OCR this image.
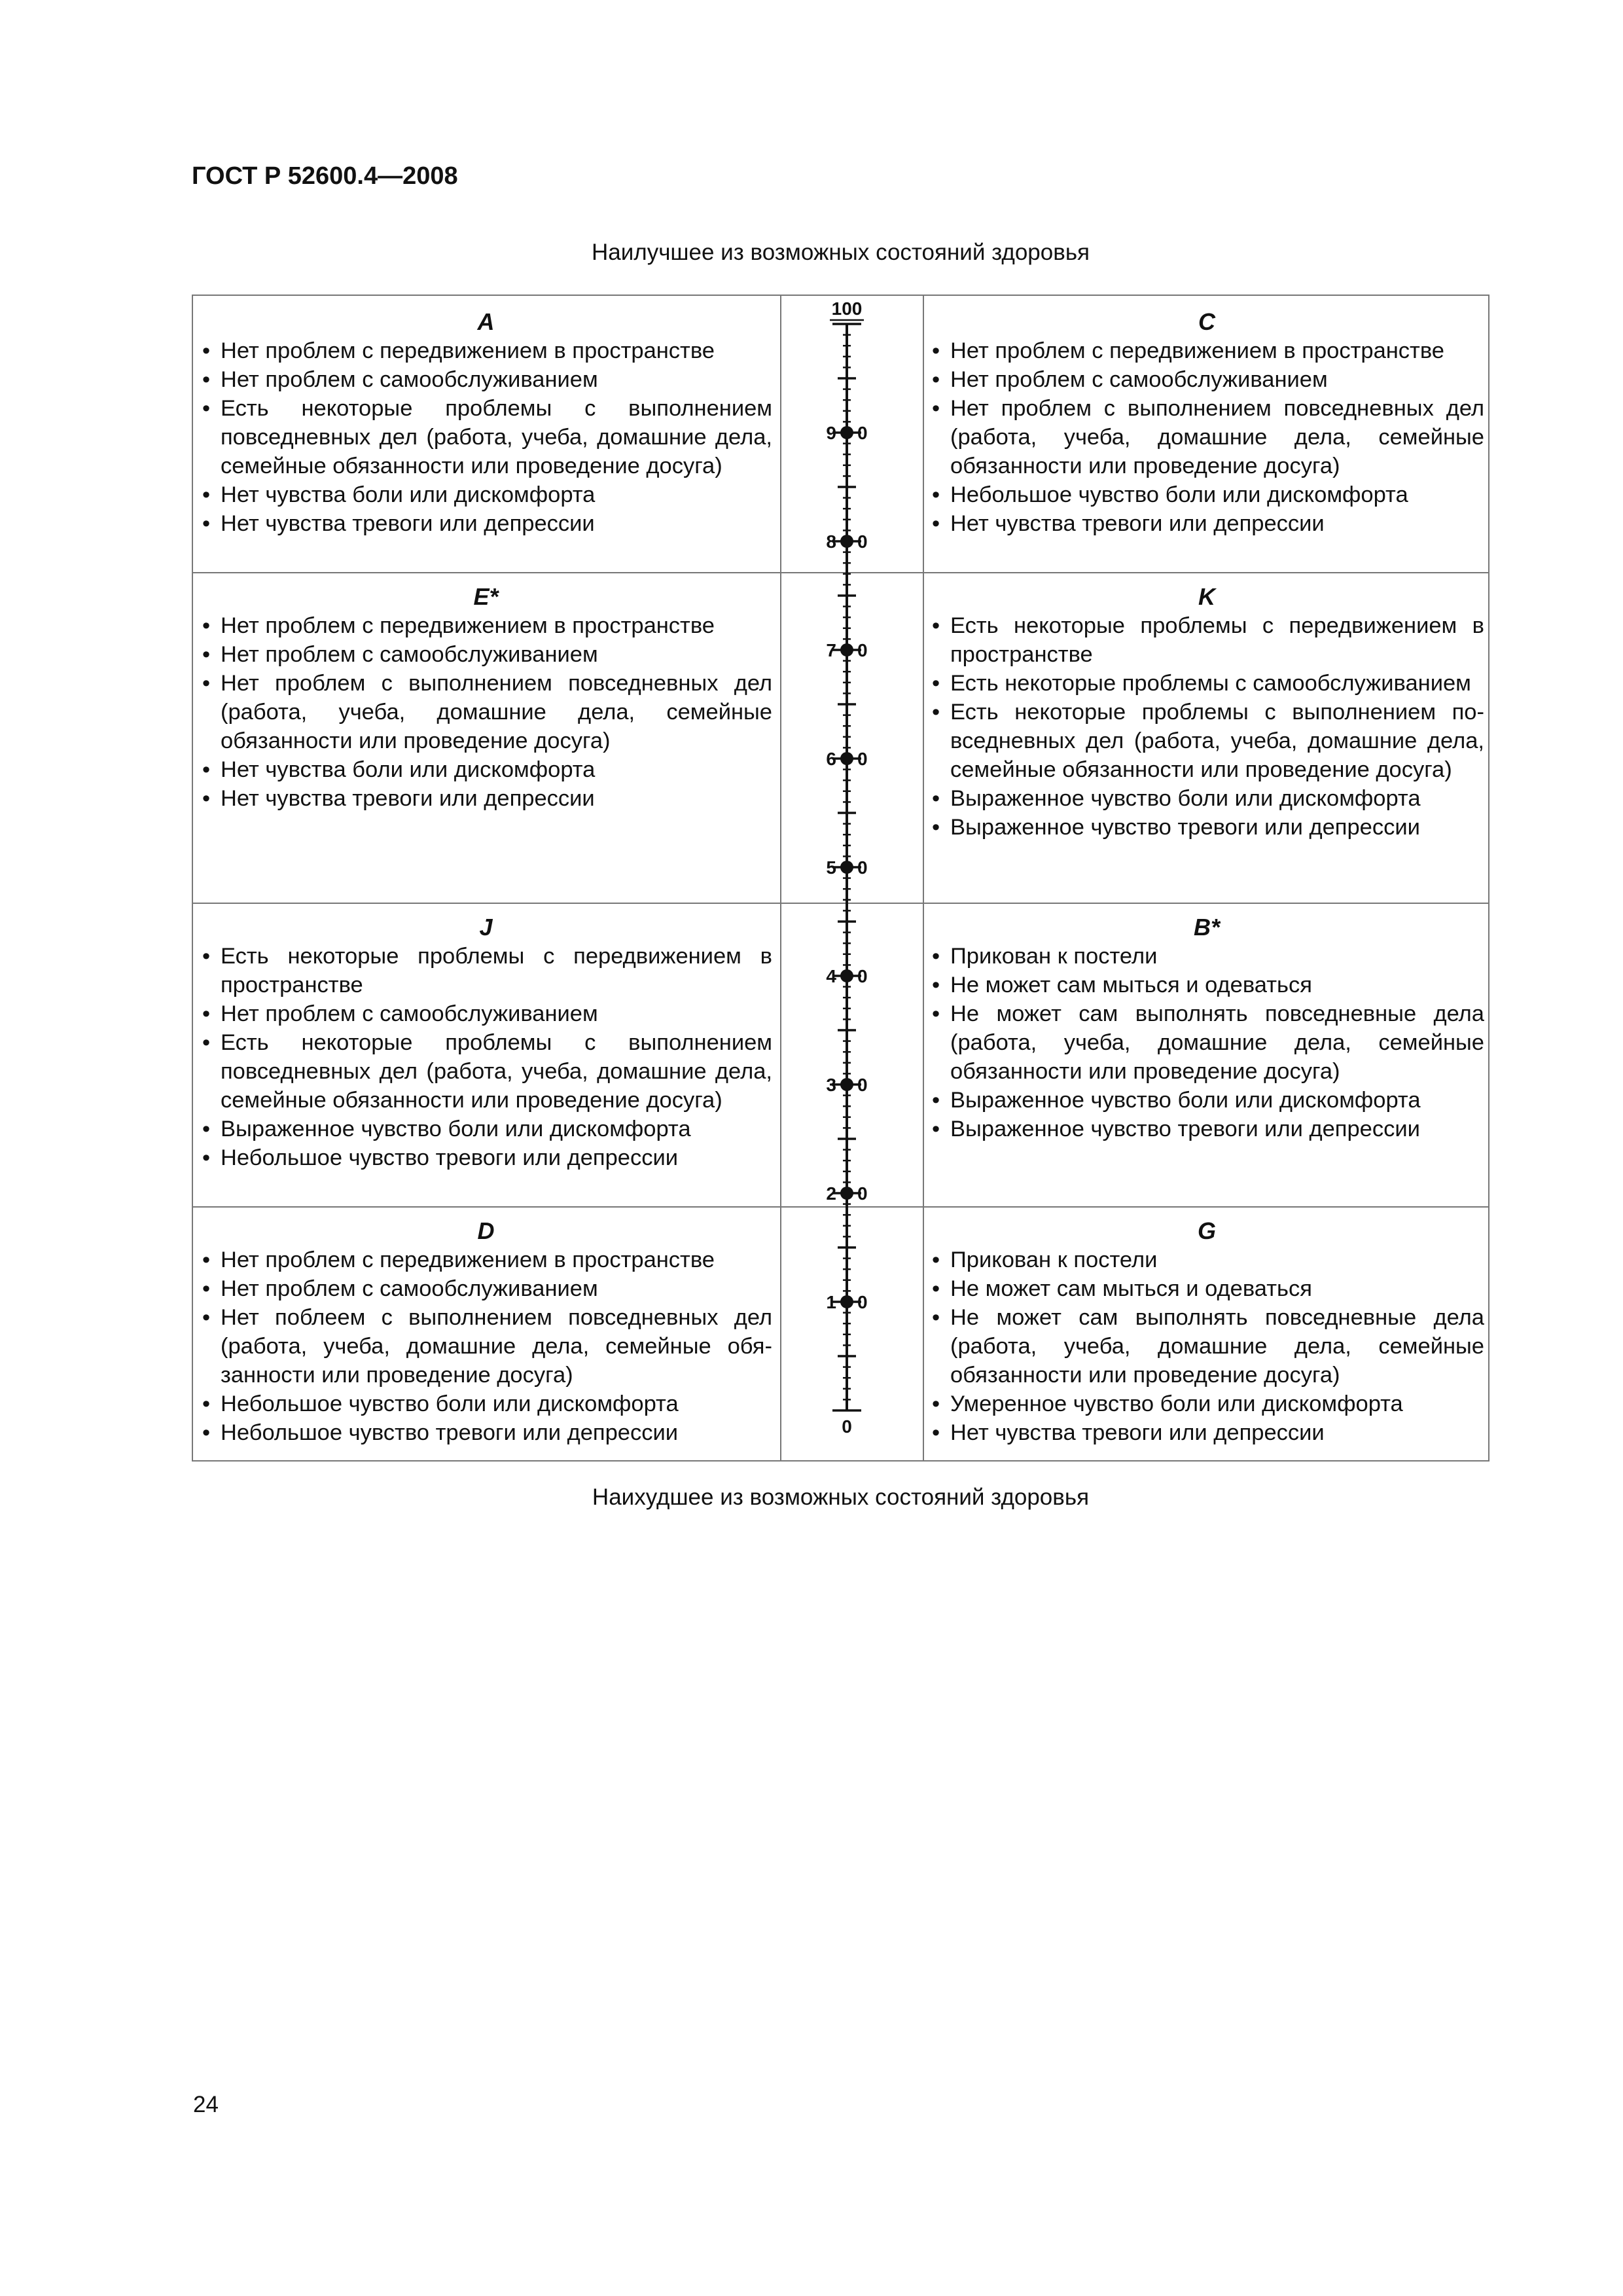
ГОСТ Р 52600.4—2008
Наилучшее из возможных состояний здоровья
A
• Нет проблем с передвижением в пространстве
• Нет проблем с самообслуживанием
• Есть некоторые проблемы с выполнением повседневных дел (работа, учеба, домашние дела, семейные обязанности или проведение досуга)
• Нет чувства боли или дискомфорта
• Нет чувства тревоги или депрессии
C
• Нет проблем с передвижением в пространстве
• Нет проблем с самообслуживанием
• Нет проблем с выполнением повседневных дел (работа, учеба, домашние дела, семейные обязанности или проведение досуга)
• Небольшое чувство боли или дискомфорта
• Нет чувства тревоги или депрессии
E*
• Нет проблем с передвижением в пространстве
• Нет проблем с самообслуживанием
• Нет проблем с выполнением повседневных дел (работа, учеба, домашние дела, семейные обязанности или проведение досуга)
• Нет чувства боли или дискомфорта
• Нет чувства тревоги или депрессии
K
• Есть некоторые проблемы с передвижением в пространстве
• Есть некоторые проблемы с самообслуживанием
• Есть некоторые проблемы с выполнением повседневных дел (работа, учеба, домашние дела, семейные обязанности или проведение досуга)
• Выраженное чувство боли или дискомфорта
• Выраженное чувство тревоги или депрессии
J
• Есть некоторые проблемы с передвижением в пространстве
• Нет проблем с самообслуживанием
• Есть некоторые проблемы с выполнением повседневных дел (работа, учеба, домашние дела, семейные обязанности или проведение досуга)
• Выраженное чувство боли или дискомфорта
• Небольшое чувство тревоги или депрессии
B*
• Прикован к постели
• Не может сам мыться и одеваться
• Не может сам выполнять повседневные дела (работа, учеба, домашние дела, семейные обязанности или проведение досуга)
• Выраженное чувство боли или дискомфорта
• Выраженное чувство тревоги или депрессии
D
• Нет проблем с передвижением в пространстве
• Нет проблем с самообслуживанием
• Нет поблеем с выполнением повседневных дел (работа, учеба, домашние дела, семейные обязанности или проведение досуга)
• Небольшое чувство боли или дискомфорта
• Небольшое чувство тревоги или депрессии
G
• Прикован к постели
• Не может сам мыться и одеваться
• Не может сам выполнять повседневные дела (работа, учеба, домашние дела, семейные обязанности или проведение досуга)
• Умеренное чувство боли или дискомфорта
• Нет чувства тревоги или депрессии
100
9 0
8 0
7 0
6 0
5 0
4 0
3 0
2 0
1 0
0
Наихудшее из возможных состояний здоровья
24
